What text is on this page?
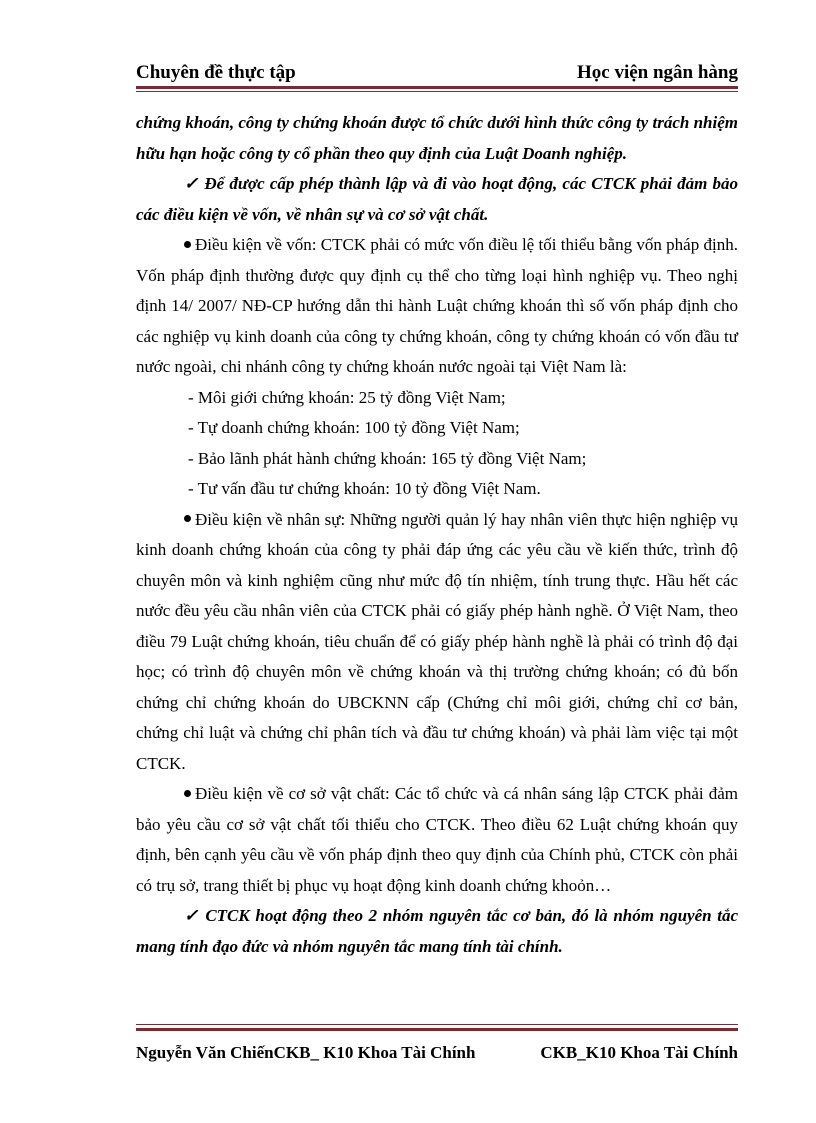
Chuyên đề thực tập	Học viện ngân hàng

chứng khoán, công ty chứng khoán được tổ chức dưới hình thức công ty trách nhiệm hữu hạn hoặc công ty cổ phần theo quy định của Luật Doanh nghiệp.

✓ Để được cấp phép thành lập và đi vào hoạt động, các CTCK phải đảm bảo các điều kiện về vốn, về nhân sự và cơ sở vật chất.

Điều kiện về vốn: CTCK phải có mức vốn điều lệ tối thiểu bằng vốn pháp định. Vốn pháp định thường được quy định cụ thể cho từng loại hình nghiệp vụ. Theo nghị định 14/ 2007/ NĐ-CP hướng dẫn thi hành Luật chứng khoán thì số vốn pháp định cho các nghiệp vụ kinh doanh của công ty chứng khoán, công ty chứng khoán có vốn đầu tư nước ngoài, chi nhánh công ty chứng khoán nước ngoài tại Việt Nam là:

- Môi giới chứng khoán: 25 tỷ đồng Việt Nam;
- Tự doanh chứng khoán: 100 tỷ đồng Việt Nam;
- Bảo lãnh phát hành chứng khoán: 165 tỷ đồng Việt Nam;
- Tư vấn đầu tư chứng khoán: 10 tỷ đồng Việt Nam.

Điều kiện về nhân sự: Những người quản lý hay nhân viên thực hiện nghiệp vụ kinh doanh chứng khoán của công ty phải đáp ứng các yêu cầu về kiến thức, trình độ chuyên môn và kinh nghiệm cũng như mức độ tín nhiệm, tính trung thực. Hầu hết các nước đều yêu cầu nhân viên của CTCK phải có giấy phép hành nghề. Ở Việt Nam, theo điều 79 Luật chứng khoán, tiêu chuẩn để có giấy phép hành nghề là phải có trình độ đại học; có trình độ chuyên môn về chứng khoán và thị trường chứng khoán; có đủ bốn chứng chỉ chứng khoán do UBCKNN cấp (Chứng chỉ môi giới, chứng chỉ cơ bản, chứng chỉ luật và chứng chỉ phân tích và đầu tư chứng khoán) và phải làm việc tại một CTCK.

Điều kiện về cơ sở vật chất: Các tổ chức và cá nhân sáng lập CTCK phải đảm bảo yêu cầu cơ sở vật chất tối thiểu cho CTCK. Theo điều 62 Luật chứng khoán quy định, bên cạnh yêu cầu về vốn pháp định theo quy định của Chính phủ, CTCK còn phải có trụ sở, trang thiết bị phục vụ hoạt động kinh doanh chứng khoỏn…

✓ CTCK hoạt động theo 2 nhóm nguyên tắc cơ bản, đó là nhóm nguyên tắc mang tính đạo đức và nhóm nguyên tắc mang tính tài chính.

Nguyễn Văn ChiếnCKB_ K10 Khoa Tài Chính	CKB_K10 Khoa Tài Chính
